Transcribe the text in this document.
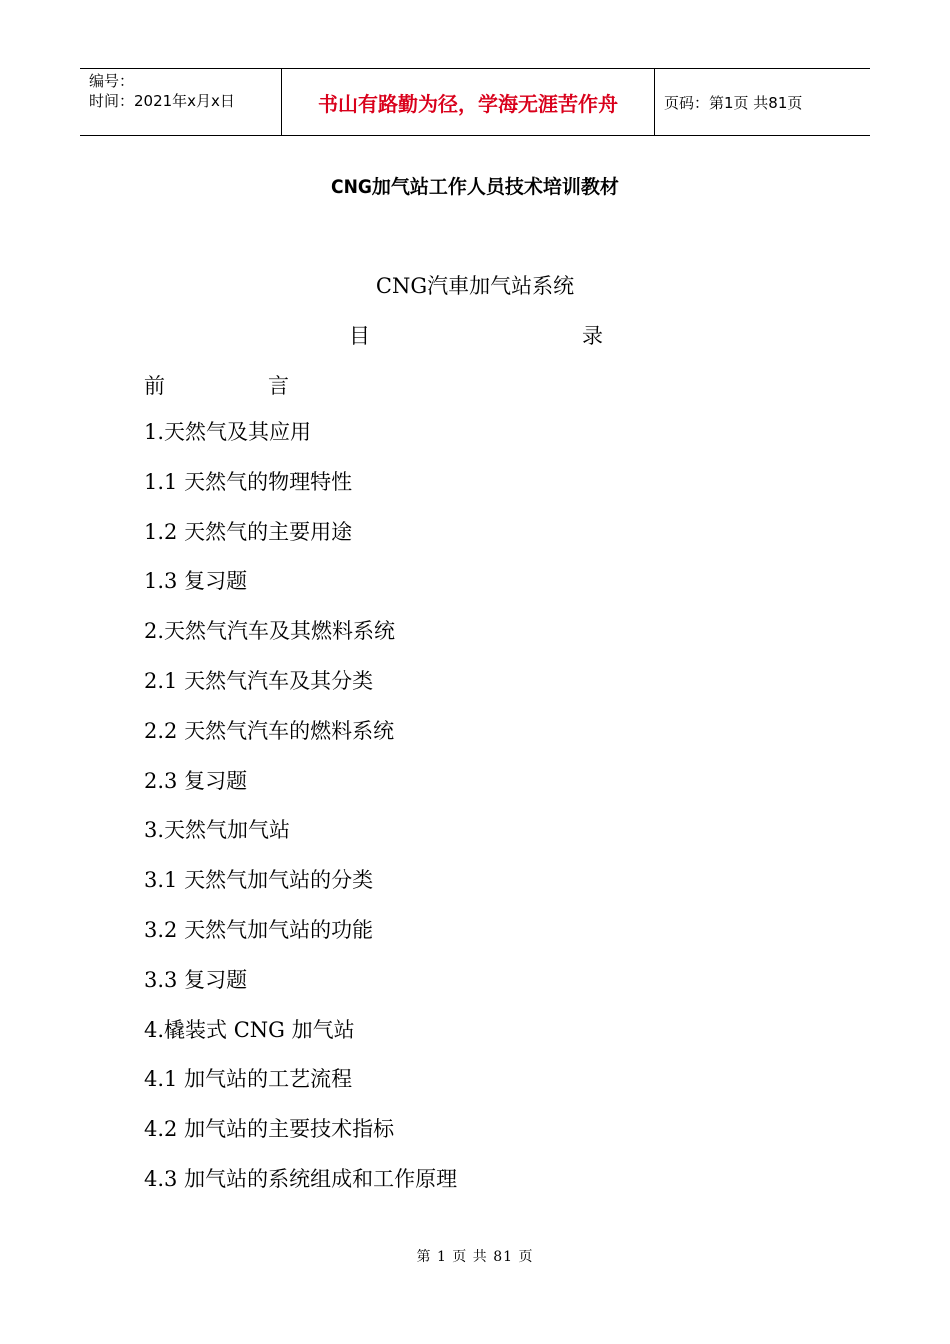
编号：
时间：2021年x月x日	书山有路勤为径，学海无涯苦作舟	页码：第1页 共81页
CNG加气站工作人员技术培训教材
CNG汽車加气站系统
目	录
前	言
1.天然气及其应用
1.1 天然气的物理特性
1.2 天然气的主要用途
1.3 复习题
2.天然气汽车及其燃料系统
2.1 天然气汽车及其分类
2.2 天然气汽车的燃料系统
2.3 复习题
3.天然气加气站
3.1 天然气加气站的分类
3.2 天然气加气站的功能
3.3 复习题
4.橇装式 CNG 加气站
4.1 加气站的工艺流程
4.2 加气站的主要技术指标
4.3 加气站的系统组成和工作原理
第 1 页 共 81 页
